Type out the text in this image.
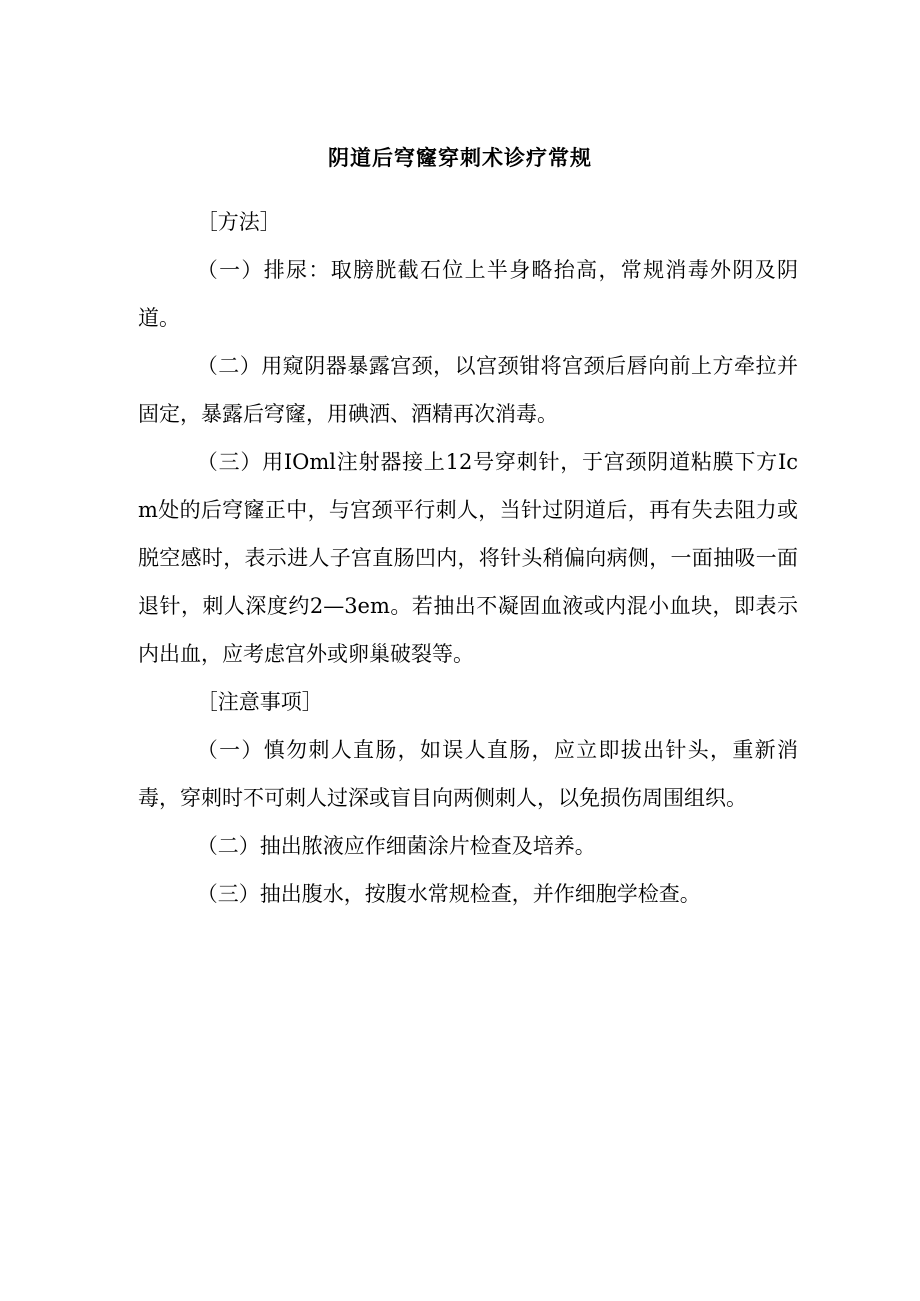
阴道后穹窿穿刺术诊疗常规

［方法］

（一）排尿：取膀胱截石位上半身略抬高，常规消毒外阴及阴道。

（二）用窥阴器暴露宫颈，以宫颈钳将宫颈后唇向前上方牵拉并固定，暴露后穹窿，用碘洒、酒精再次消毒。

（三）用IOml注射器接上12号穿刺针，于宫颈阴道粘膜下方Icm处的后穹窿正中，与宫颈平行刺人，当针过阴道后，再有失去阻力或脱空感时，表示进人子宫直肠凹内，将针头稍偏向病侧，一面抽吸一面退针，刺人深度约2—3em。若抽出不凝固血液或内混小血块，即表示内出血，应考虑宫外或卵巢破裂等。

［注意事项］

（一）慎勿刺人直肠，如误人直肠，应立即拔出针头，重新消毒，穿刺时不可刺人过深或盲目向两侧刺人，以免损伤周围组织。

（二）抽出脓液应作细菌涂片检查及培养。

（三）抽出腹水，按腹水常规检查，并作细胞学检查。
